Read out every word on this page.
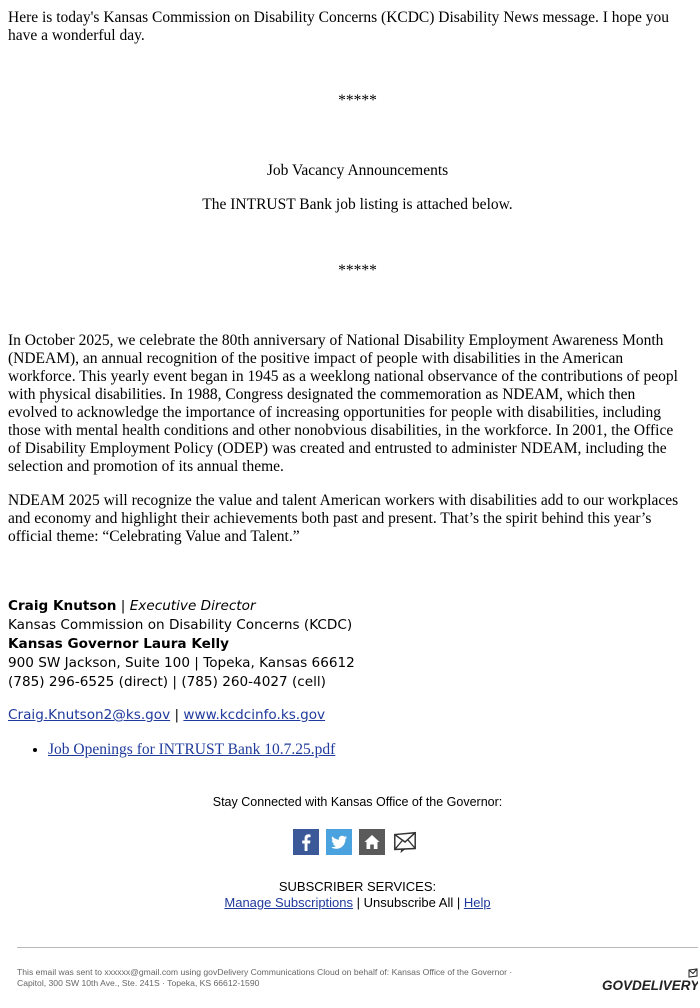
Here is today's Kansas Commission on Disability Concerns (KCDC) Disability News message. I hope you have a wonderful day.
*****
Job Vacancy Announcements
The INTRUST Bank job listing is attached below.
*****
In October 2025, we celebrate the 80th anniversary of National Disability Employment Awareness Month
(NDEAM), an annual recognition of the positive impact of people with disabilities in the American
workforce. This yearly event began in 1945 as a weeklong national observance of the contributions of peopl
with physical disabilities. In 1988, Congress designated the commemoration as NDEAM, which then
evolved to acknowledge the importance of increasing opportunities for people with disabilities, including
those with mental health conditions and other nonobvious disabilities, in the workforce. In 2001, the Office
of Disability Employment Policy (ODEP) was created and entrusted to administer NDEAM, including the
selection and promotion of its annual theme.
NDEAM 2025 will recognize the value and talent American workers with disabilities add to our workplaces
and economy and highlight their achievements both past and present. That’s the spirit behind this year’s
official theme: “Celebrating Value and Talent.”
Craig Knutson | Executive Director
Kansas Commission on Disability Concerns (KCDC)
Kansas Governor Laura Kelly
900 SW Jackson, Suite 100 | Topeka, Kansas 66612
(785) 296-6525 (direct) | (785) 260-4027 (cell)
Craig.Knutson2@ks.gov | www.kcdcinfo.ks.gov
• Job Openings for INTRUST Bank 10.7.25.pdf
Stay Connected with Kansas Office of the Governor:
SUBSCRIBER SERVICES:
Manage Subscriptions | Unsubscribe All | Help
This email was sent to xxxxxx@gmail.com using govDelivery Communications Cloud on behalf of: Kansas Office of the Governor ·
Capitol, 300 SW 10th Ave., Ste. 241S · Topeka, KS 66612-1590	GOVDELIVERY
